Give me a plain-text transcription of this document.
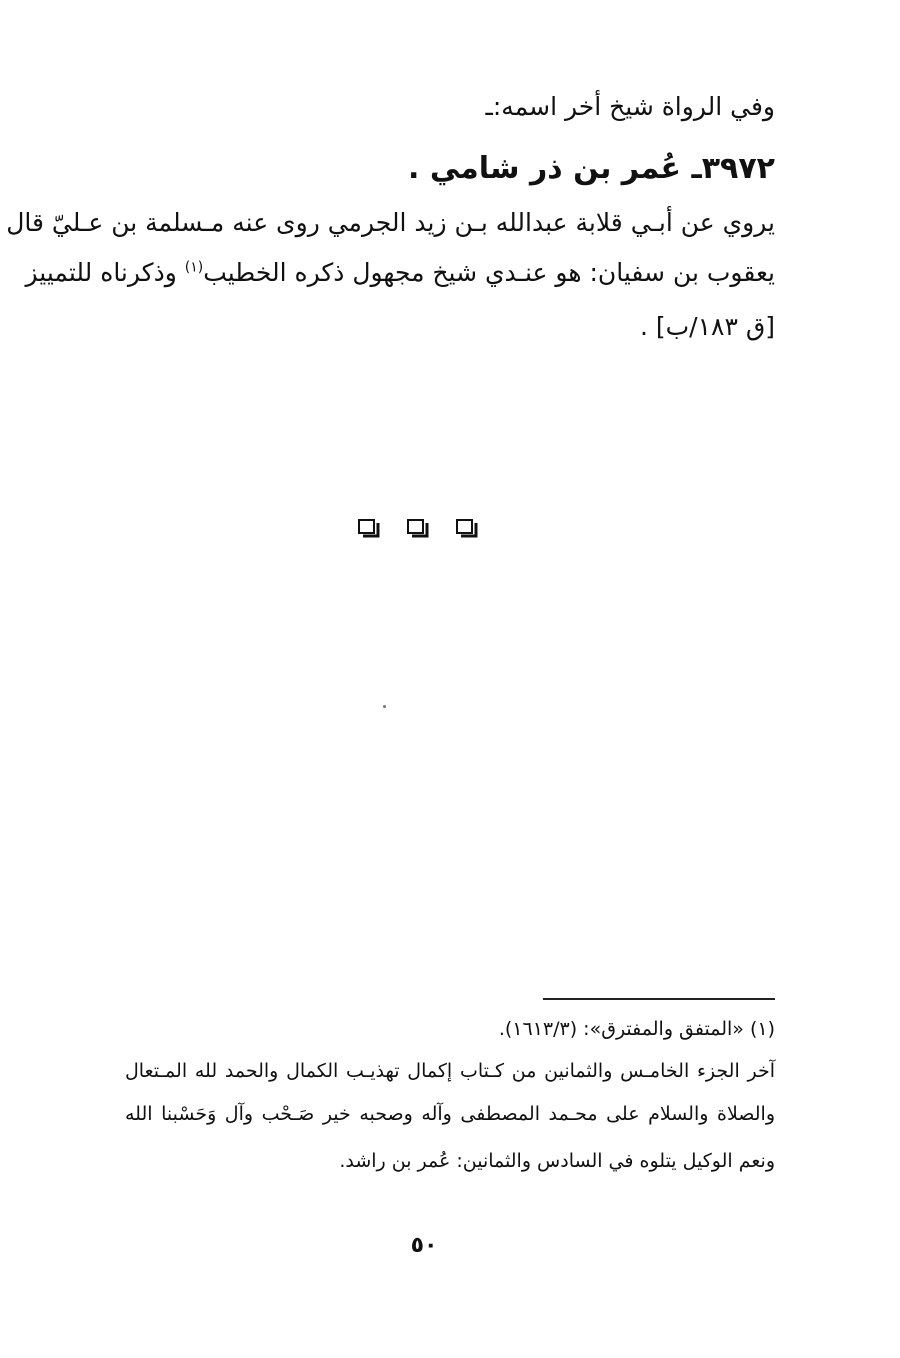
وفي الرواة شيخ أخر اسمه:ـ
٣٩٧٢ـ عُمر بن ذر شامي .
يروي عن أبـي قلابة عبدالله بـن زيد الجرمي روى عنه مـسلمة بن عـليّ قال
يعقوب بن سفيان: هو عنـدي شيخ مجهول ذكره الخطيب$^{(١)}$ وذكرناه للتمييز
[ق ١٨٣/ب] .
(١) «المتفق والمفترق»: (١٦١٣/٣).
آخر الجزء الخامـس والثمانين من كـتاب إكمال تهذيـب الكمال والحمد لله المـتعال
والصلاة والسلام على محـمد المصطفى وآله وصحبه خير صَـحْب وآل وَحَسْبنا الله
ونعم الوكيل يتلوه في السادس والثمانين: عُمر بن راشد.
٥٠
